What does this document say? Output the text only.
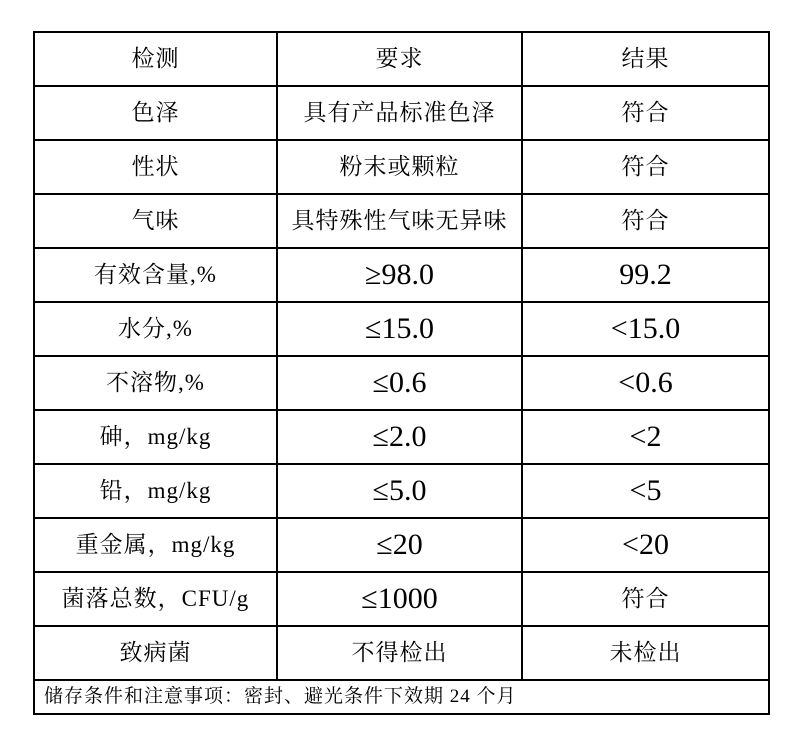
检测	要求	结果
色泽	具有产品标准色泽	符合
性状	粉末或颗粒	符合
气味	具特殊性气味无异味	符合
有效含量,%	≥98.0	99.2
水分,%	≤15.0	<15.0
不溶物,%	≤0.6	<0.6
砷，mg/kg	≤2.0	<2
铅，mg/kg	≤5.0	<5
重金属，mg/kg	≤20	<20
菌落总数，CFU/g	≤1000	符合
致病菌	不得检出	未检出
储存条件和注意事项：密封、避光条件下效期 24 个月		
